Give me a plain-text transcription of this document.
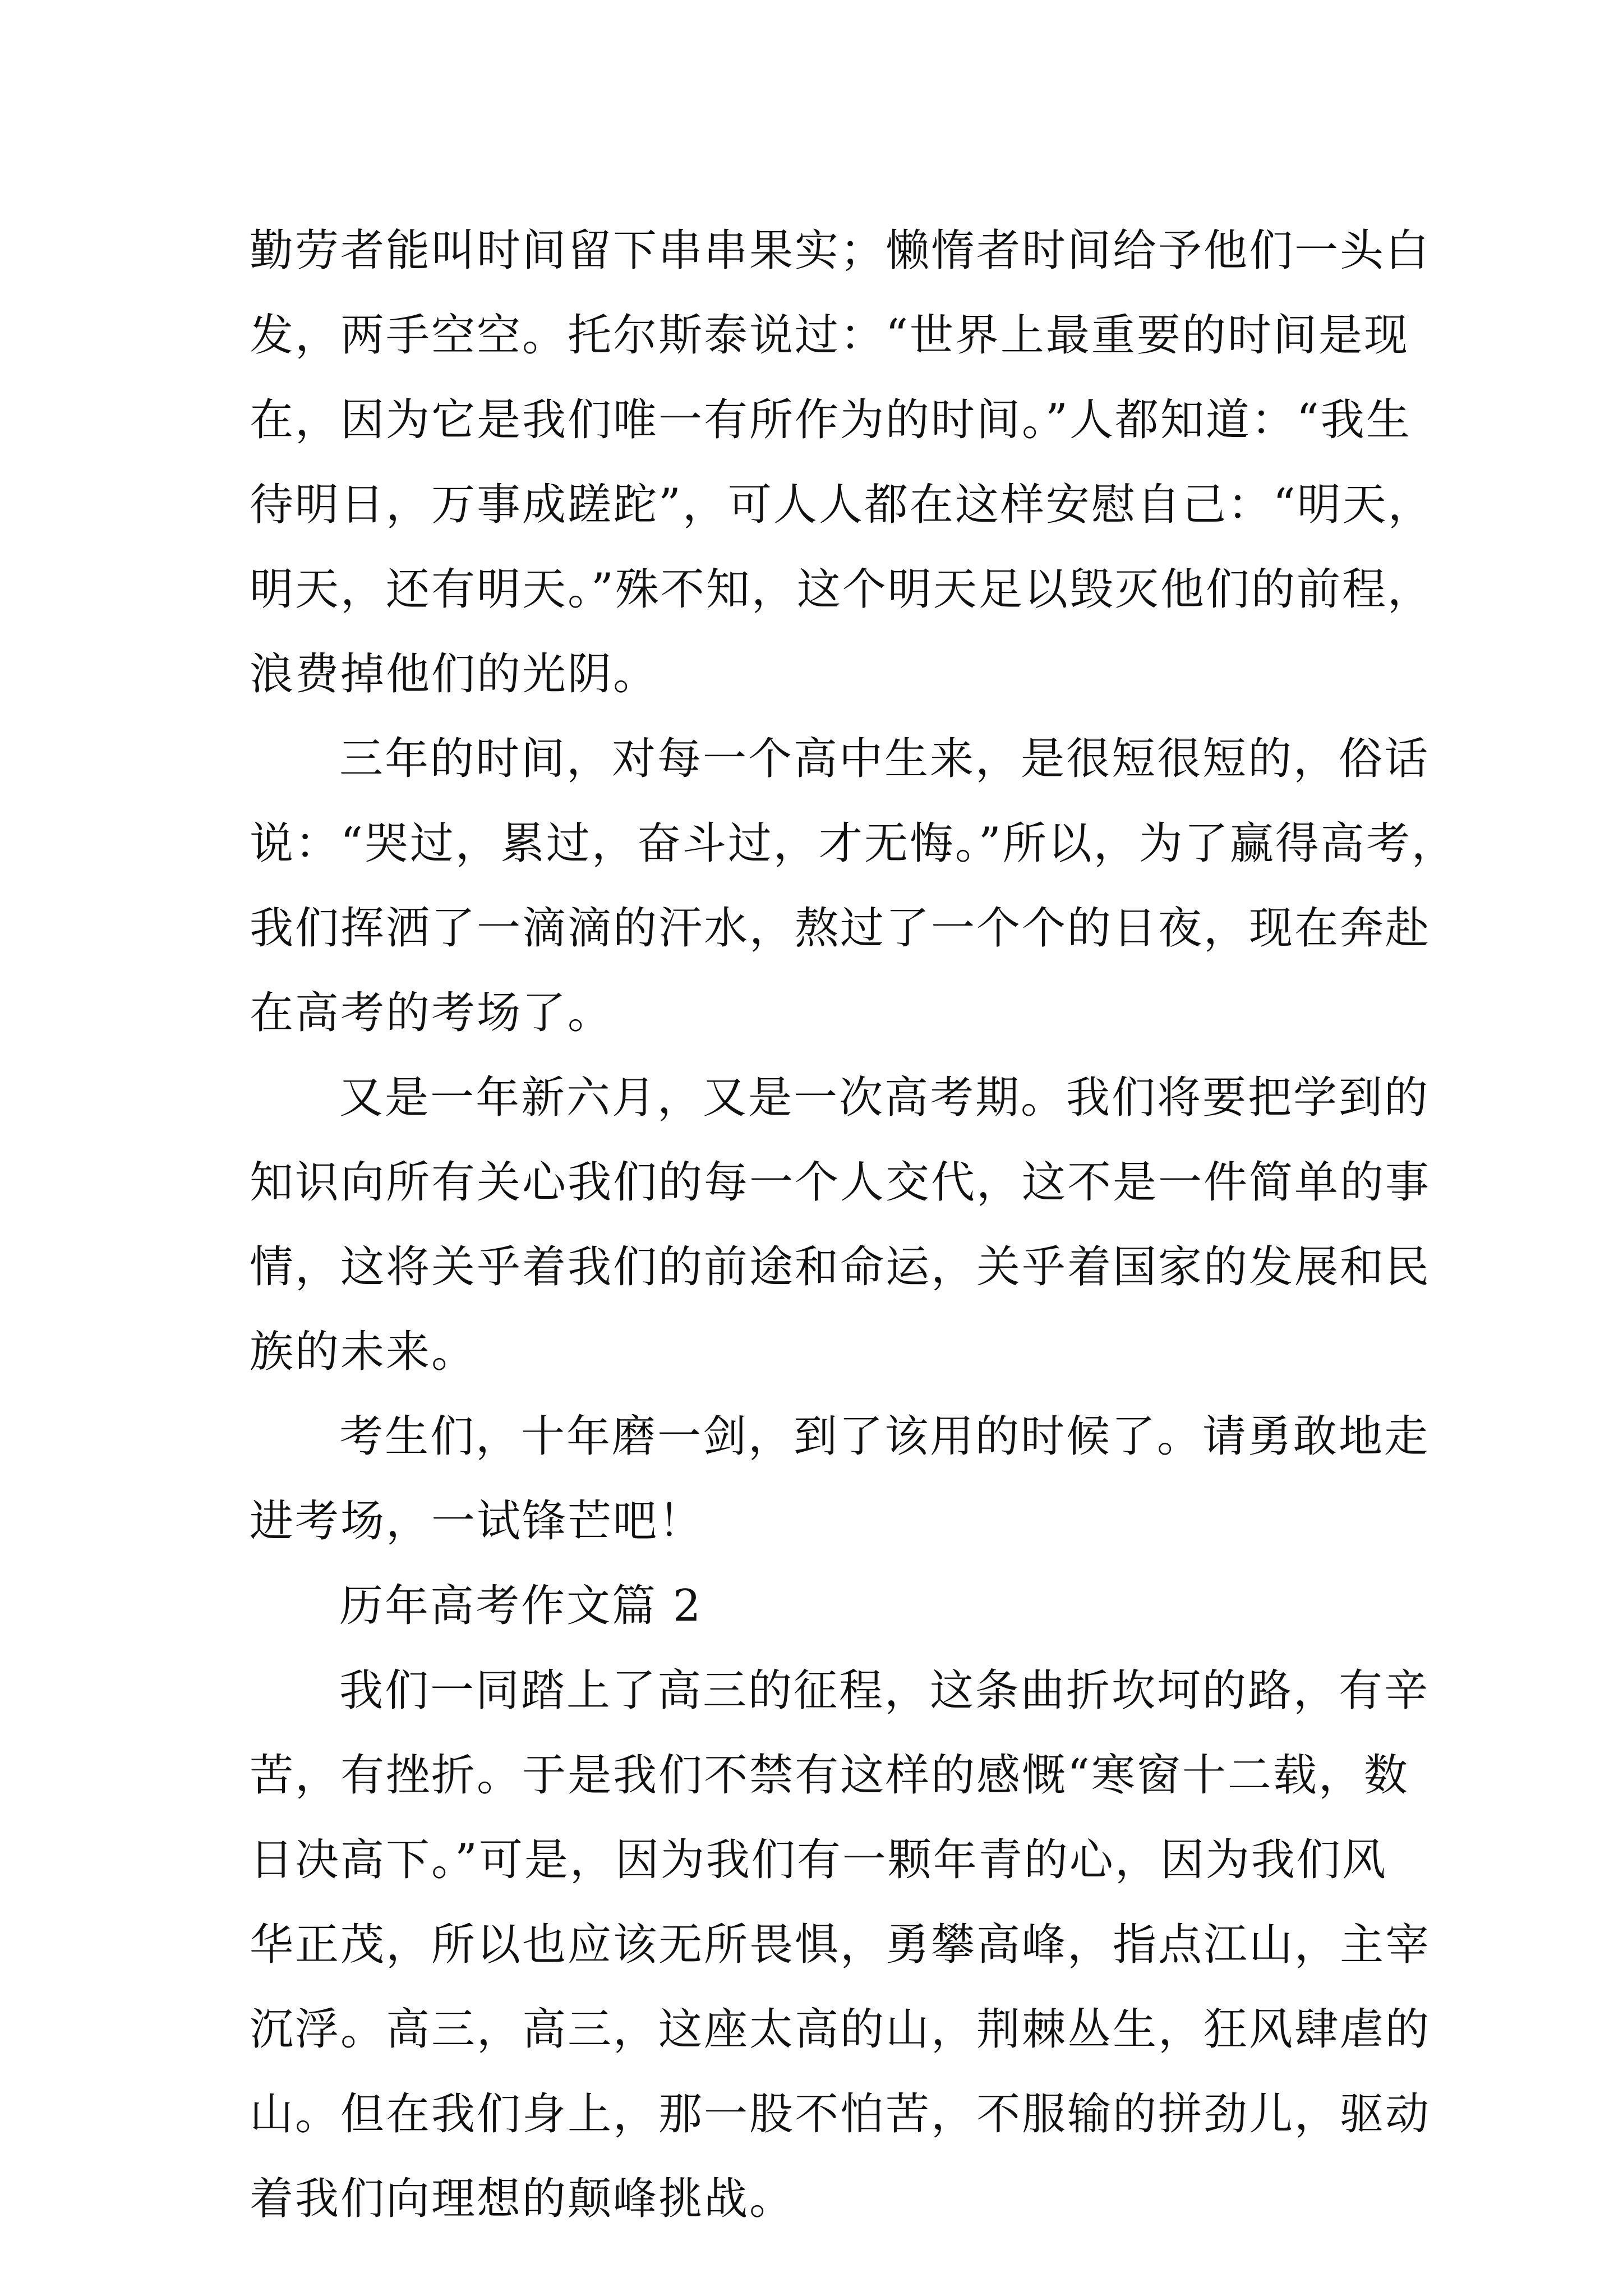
勤劳者能叫时间留下串串果实；懒惰者时间给予他们一头白
发，两手空空。托尔斯泰说过：“世界上最重要的时间是现
在，因为它是我们唯一有所作为的时间。”人都知道：“我生
待明日，万事成蹉跎”，可人人都在这样安慰自己：“明天，
明天，还有明天。”殊不知，这个明天足以毁灭他们的前程，
浪费掉他们的光阴。
三年的时间，对每一个高中生来，是很短很短的，俗话
说：“哭过，累过，奋斗过，才无悔。”所以，为了赢得高考，
我们挥洒了一滴滴的汗水，熬过了一个个的日夜，现在奔赴
在高考的考场了。
又是一年新六月，又是一次高考期。我们将要把学到的
知识向所有关心我们的每一个人交代，这不是一件简单的事
情，这将关乎着我们的前途和命运，关乎着国家的发展和民
族的未来。
考生们，十年磨一剑，到了该用的时候了。请勇敢地走
进考场，一试锋芒吧！
历年高考作文篇 2
我们一同踏上了高三的征程，这条曲折坎坷的路，有辛
苦，有挫折。于是我们不禁有这样的感慨“寒窗十二载，数
日决高下。”可是，因为我们有一颗年青的心，因为我们风
华正茂，所以也应该无所畏惧，勇攀高峰，指点江山，主宰
沉浮。高三，高三，这座太高的山，荆棘丛生，狂风肆虐的
山。但在我们身上，那一股不怕苦，不服输的拼劲儿，驱动
着我们向理想的颠峰挑战。
